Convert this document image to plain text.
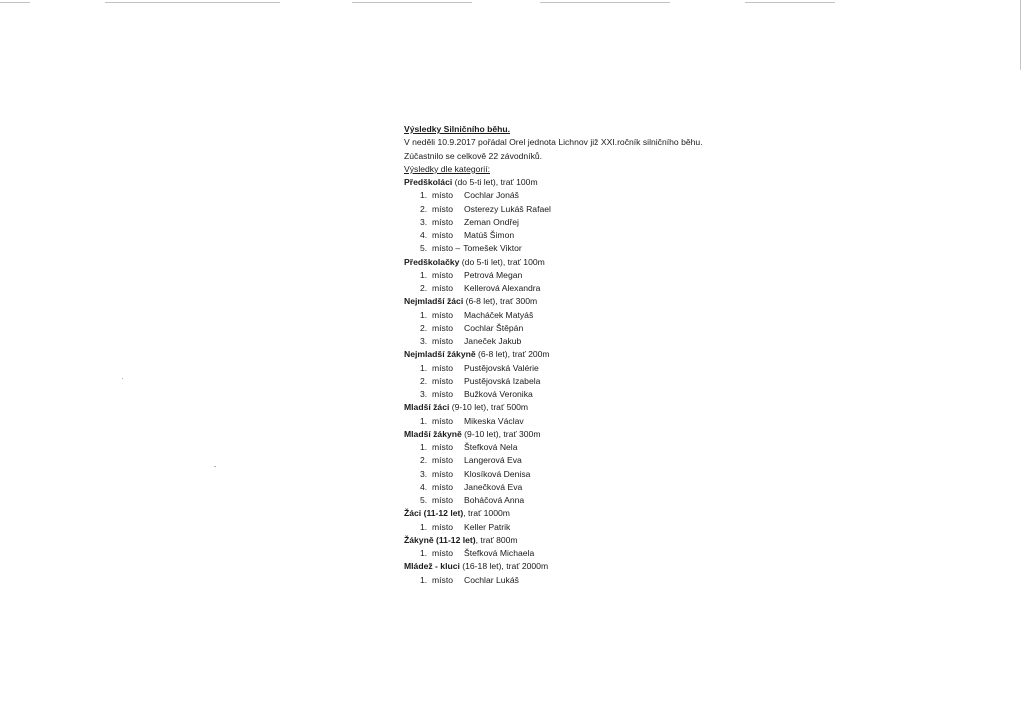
Výsledky Silničního běhu.
V neděli 10.9.2017 pořádal Orel jednota Lichnov již XXI.ročník silničního běhu.
Zúčastnilo se celkově 22 závodníků.
Výsledky dle kategorií:
Předškoláci (do 5-ti let), trať 100m
1. místo Cochlar Jonáš
2. místo Osterezy Lukáš Rafael
3. místo Zeman Ondřej
4. místo Matúš Šimon
5. místo – Tomešek Viktor
Předškolačky (do 5-ti let), trať 100m
1. místo Petrová Megan
2. místo Kellerová Alexandra
Nejmladší žáci (6-8 let), trať 300m
1. místo Macháček Matyáš
2. místo Cochlar Štěpán
3. místo Janeček Jakub
Nejmladší žákyně (6-8 let), trať 200m
1. místo Pustějovská Valérie
2. místo Pustějovská Izabela
3. místo Bužková Veronika
Mladší žáci (9-10 let), trať 500m
1. místo Mikeska Václav
Mladší žákyně (9-10 let), trať 300m
1. místo Štefková Nela
2. místo Langerová Eva
3. místo Klosíková Denisa
4. místo Janečková Eva
5. místo Boháčová Anna
Žáci (11-12 let), trať 1000m
1. místo Keller Patrik
Žákyně (11-12 let), trať 800m
1. místo Štefková Michaela
Mládež - kluci (16-18 let), trať 2000m
1. místo Cochlar Lukáš
